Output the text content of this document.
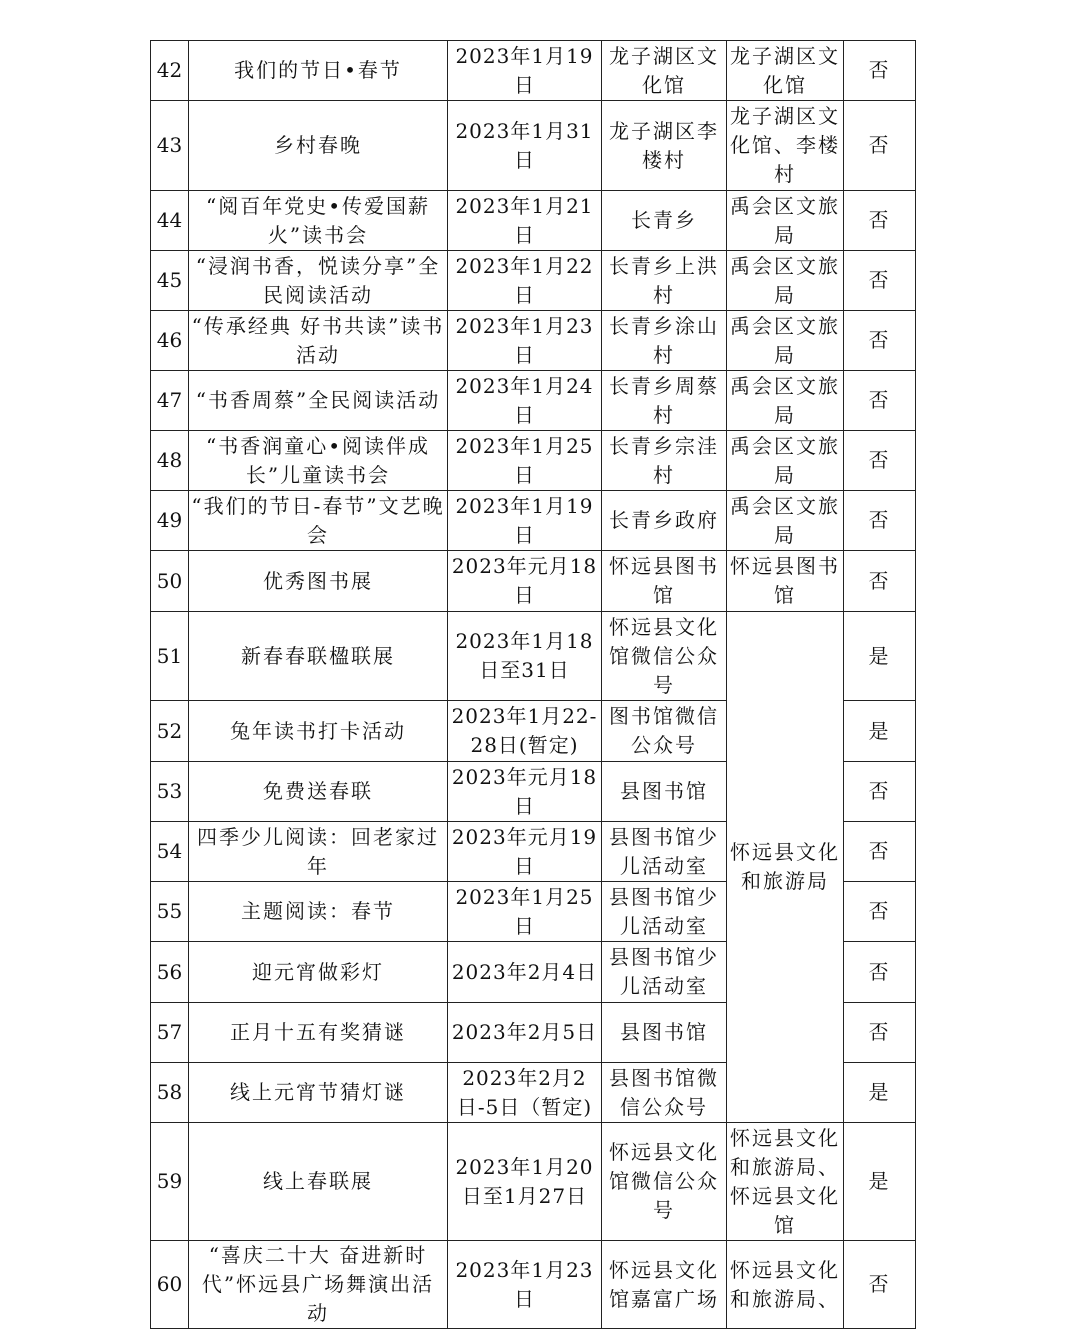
42	我们的节日•春节	2023年1月19日	龙子湖区文化馆	龙子湖区文化馆	否
43	乡村春晚	2023年1月31日	龙子湖区李楼村	龙子湖区文化馆、李楼村	否
44	“阅百年党史•传爱国薪火”读书会	2023年1月21日	长青乡	禹会区文旅局	否
45	“浸润书香，悦读分享”全民阅读活动	2023年1月22日	长青乡上洪村	禹会区文旅局	否
46	“传承经典 好书共读”读书活动	2023年1月23日	长青乡涂山村	禹会区文旅局	否
47	“书香周蔡”全民阅读活动	2023年1月24日	长青乡周蔡村	禹会区文旅局	否
48	“书香润童心•阅读伴成长”儿童读书会	2023年1月25日	长青乡宗洼村	禹会区文旅局	否
49	“我们的节日-春节”文艺晚会	2023年1月19日	长青乡政府	禹会区文旅局	否
50	优秀图书展	2023年元月18日	怀远县图书馆	怀远县图书馆	否
51	新春春联楹联展	2023年1月18日至31日	怀远县文化馆微信公众号	怀远县文化和旅游局	是
52	兔年读书打卡活动	2023年1月22-28日(暂定)	图书馆微信公众号		是
53	免费送春联	2023年元月18日	县图书馆		否
54	四季少儿阅读：回老家过年	2023年元月19日	县图书馆少儿活动室		否
55	主题阅读：春节	2023年1月25日	县图书馆少儿活动室		否
56	迎元宵做彩灯	2023年2月4日	县图书馆少儿活动室		否
57	正月十五有奖猜谜	2023年2月5日	县图书馆		否
58	线上元宵节猜灯谜	2023年2月2日-5日（暂定)	县图书馆微信公众号		是
59	线上春联展	2023年1月20日至1月27日	怀远县文化馆微信公众号	怀远县文化和旅游局、怀远县文化馆	是
60	“喜庆二十大 奋进新时代”怀远县广场舞演出活动	2023年1月23日	怀远县文化馆嘉富广场	怀远县文化和旅游局、	否
